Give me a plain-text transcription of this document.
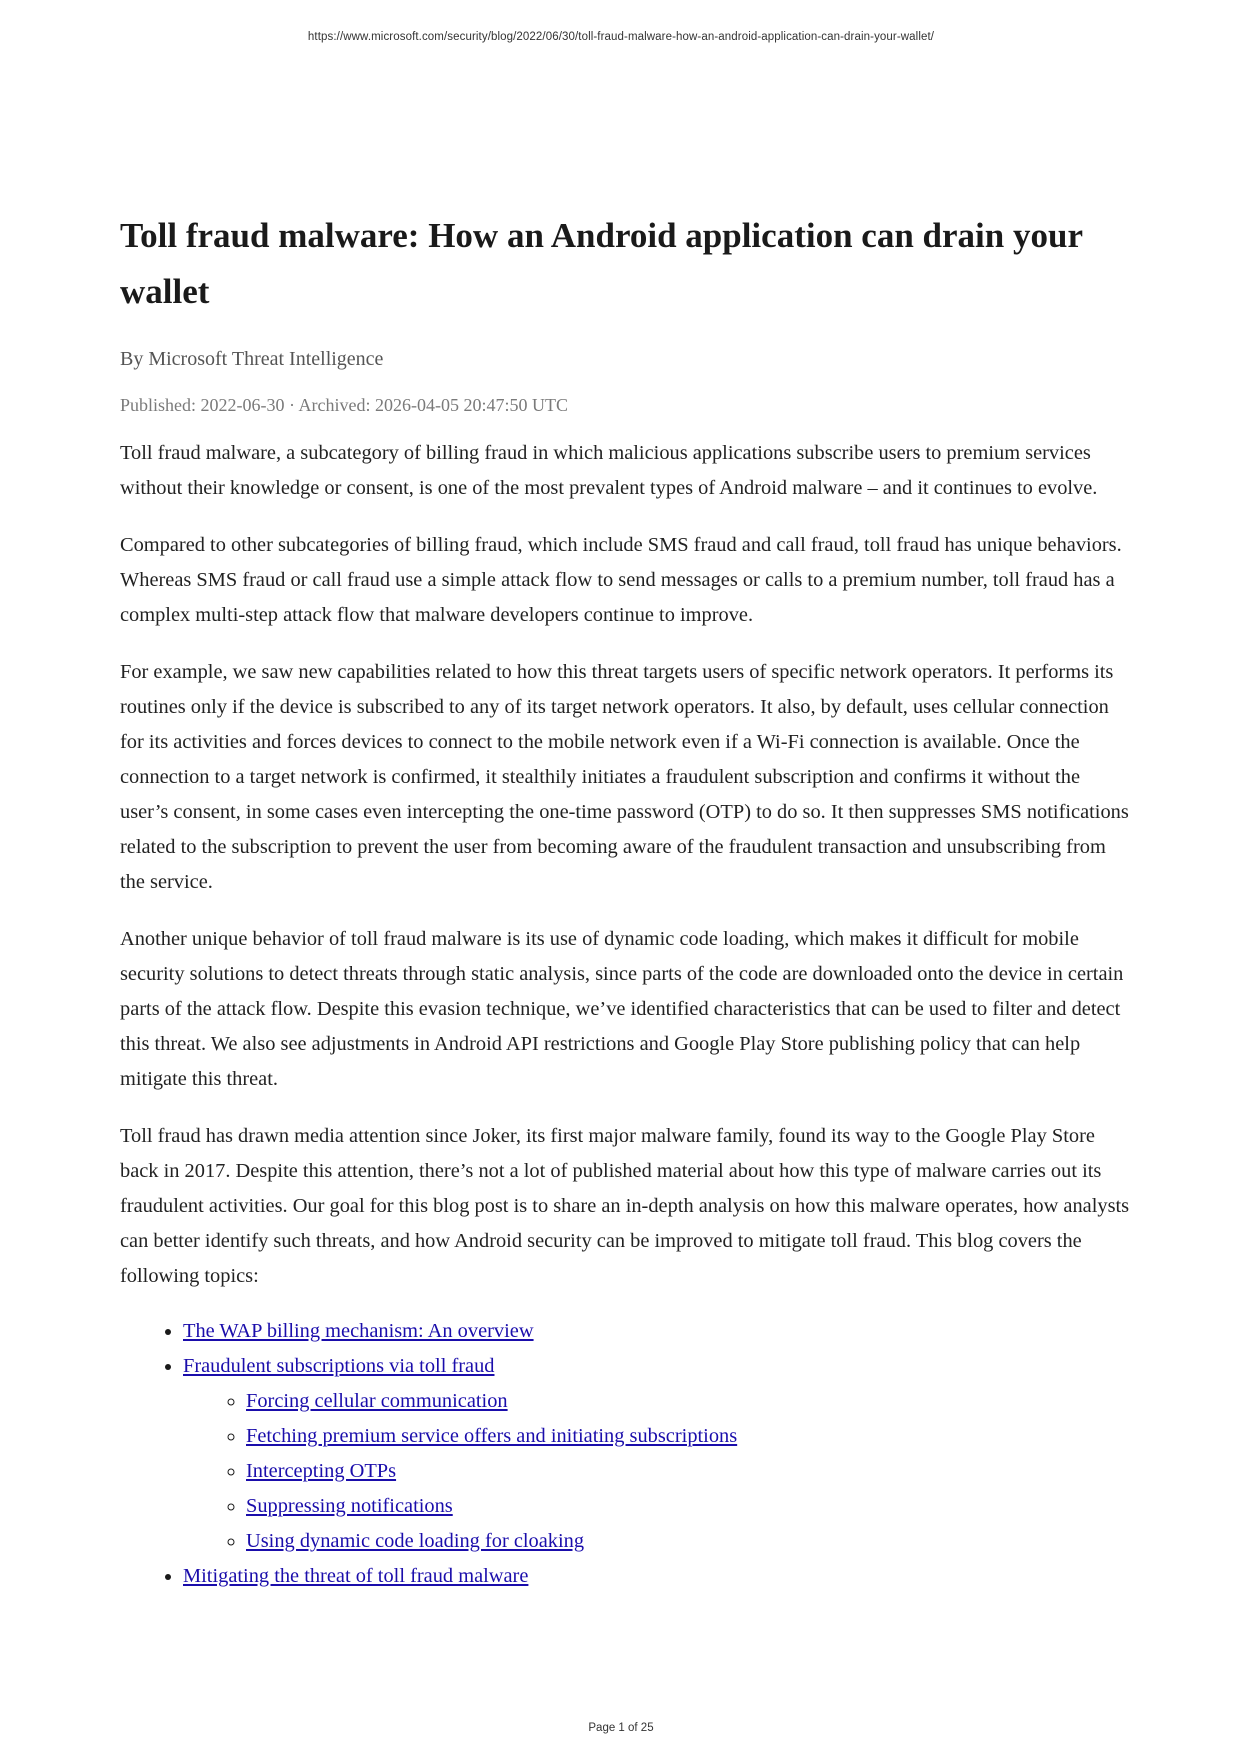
https://www.microsoft.com/security/blog/2022/06/30/toll-fraud-malware-how-an-android-application-can-drain-your-wallet/
Toll fraud malware: How an Android application can drain your wallet
By Microsoft Threat Intelligence
Published: 2022-06-30 · Archived: 2026-04-05 20:47:50 UTC

Toll fraud malware, a subcategory of billing fraud in which malicious applications subscribe users to premium services without their knowledge or consent, is one of the most prevalent types of Android malware – and it continues to evolve.

Compared to other subcategories of billing fraud, which include SMS fraud and call fraud, toll fraud has unique behaviors. Whereas SMS fraud or call fraud use a simple attack flow to send messages or calls to a premium number, toll fraud has a complex multi-step attack flow that malware developers continue to improve.

For example, we saw new capabilities related to how this threat targets users of specific network operators. It performs its routines only if the device is subscribed to any of its target network operators. It also, by default, uses cellular connection for its activities and forces devices to connect to the mobile network even if a Wi-Fi connection is available. Once the connection to a target network is confirmed, it stealthily initiates a fraudulent subscription and confirms it without the user’s consent, in some cases even intercepting the one-time password (OTP) to do so. It then suppresses SMS notifications related to the subscription to prevent the user from becoming aware of the fraudulent transaction and unsubscribing from the service.

Another unique behavior of toll fraud malware is its use of dynamic code loading, which makes it difficult for mobile security solutions to detect threats through static analysis, since parts of the code are downloaded onto the device in certain parts of the attack flow. Despite this evasion technique, we’ve identified characteristics that can be used to filter and detect this threat. We also see adjustments in Android API restrictions and Google Play Store publishing policy that can help mitigate this threat.

Toll fraud has drawn media attention since Joker, its first major malware family, found its way to the Google Play Store back in 2017. Despite this attention, there’s not a lot of published material about how this type of malware carries out its fraudulent activities. Our goal for this blog post is to share an in-depth analysis on how this malware operates, how analysts can better identify such threats, and how Android security can be improved to mitigate toll fraud. This blog covers the following topics:

• The WAP billing mechanism: An overview
• Fraudulent subscriptions via toll fraud
◦ Forcing cellular communication
◦ Fetching premium service offers and initiating subscriptions
◦ Intercepting OTPs
◦ Suppressing notifications
◦ Using dynamic code loading for cloaking
• Mitigating the threat of toll fraud malware
Page 1 of 25
